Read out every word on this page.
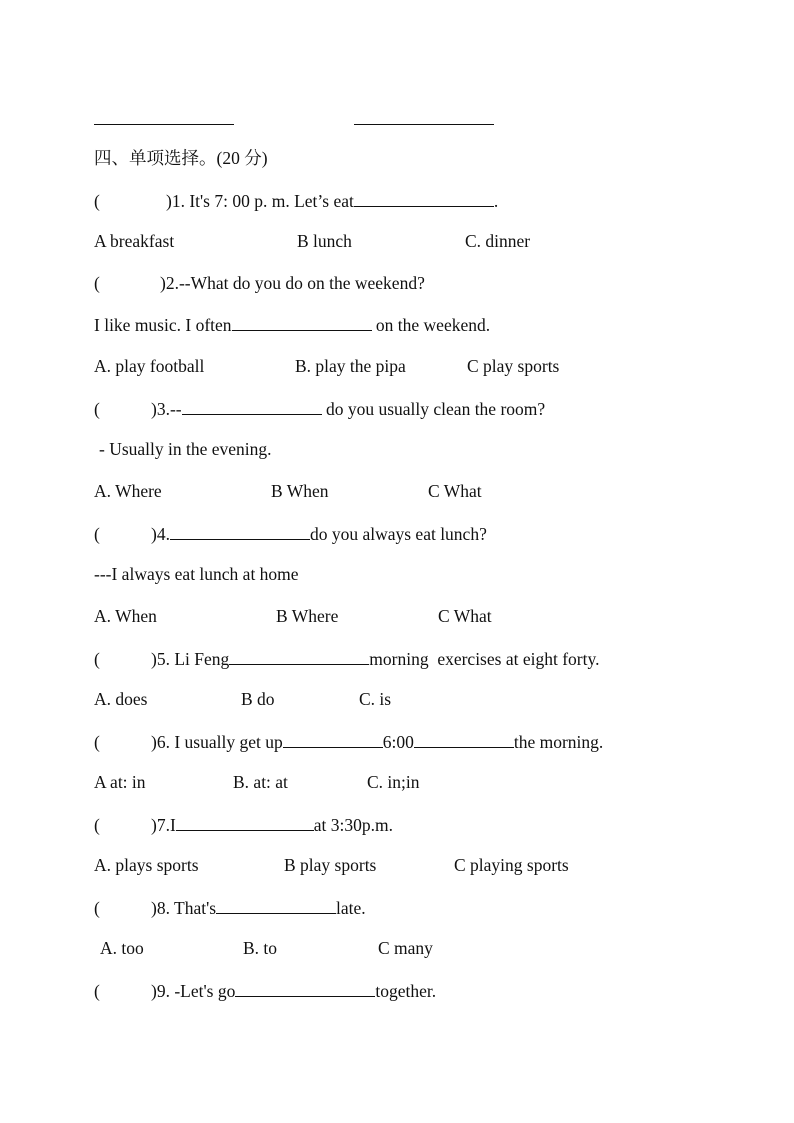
四、单项选择。(20 分)
(	)1. It's 7: 00 p. m. Let’s eat	.
A breakfast	B lunch	C. dinner
(	)2.--What do you do on the weekend?
I like music. I often	on the weekend.
A. play football	B. play the pipa	C play sports
(	)3.--	do you usually clean the room?
- Usually in the evening.
A. Where	B When	C What
(	)4.	do you always eat lunch?
---I always eat lunch at home
A. When	B Where	C What
(	)5. Li Feng	morning  exercises at eight forty.
A. does	B do	C. is
(	)6. I usually get up	6:00	the morning.
A at: in	B. at: at	C. in;in
(	)7.I	at 3:30p.m.
A. plays sports	B play sports	C playing sports
(	)8. That's	late.
A. too	B. to	C many
(	)9. -Let's go	together.
